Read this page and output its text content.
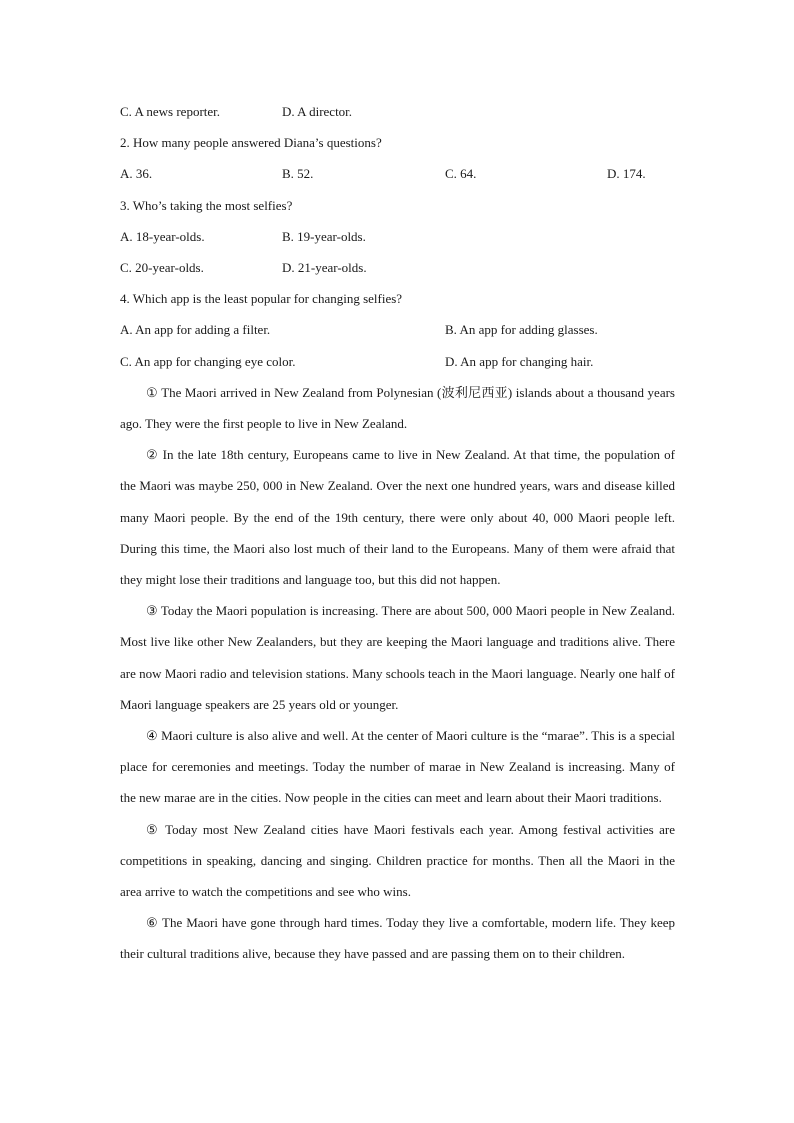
C. A news reporter.	D. A director.
2. How many people answered Diana’s questions?
A. 36.	B. 52.	C. 64.	D. 174.
3. Who’s taking the most selfies?
A. 18-year-olds.	B. 19-year-olds.
C. 20-year-olds.	D. 21-year-olds.
4. Which app is the least popular for changing selfies?
A. An app for adding a filter.	B. An app for adding glasses.
C. An app for changing eye color.	D. An app for changing hair.

① The Maori arrived in New Zealand from Polynesian (波利尼西亚) islands about a thousand years ago. They were the first people to live in New Zealand.

② In the late 18th century, Europeans came to live in New Zealand. At that time, the population of the Maori was maybe 250, 000 in New Zealand. Over the next one hundred years, wars and disease killed many Maori people. By the end of the 19th century, there were only about 40, 000 Maori people left. During this time, the Maori also lost much of their land to the Europeans. Many of them were afraid that they might lose their traditions and language too, but this did not happen.

③ Today the Maori population is increasing. There are about 500, 000 Maori people in New Zealand. Most live like other New Zealanders, but they are keeping the Maori language and traditions alive. There are now Maori radio and television stations. Many schools teach in the Maori language. Nearly one half of Maori language speakers are 25 years old or younger.

④ Maori culture is also alive and well. At the center of Maori culture is the “marae”. This is a special place for ceremonies and meetings. Today the number of marae in New Zealand is increasing. Many of the new marae are in the cities. Now people in the cities can meet and learn about their Maori traditions.

⑤ Today most New Zealand cities have Maori festivals each year. Among festival activities are competitions in speaking, dancing and singing. Children practice for months. Then all the Maori in the area arrive to watch the competitions and see who wins.

⑥ The Maori have gone through hard times. Today they live a comfortable, modern life. They keep their cultural traditions alive, because they have passed and are passing them on to their children.
